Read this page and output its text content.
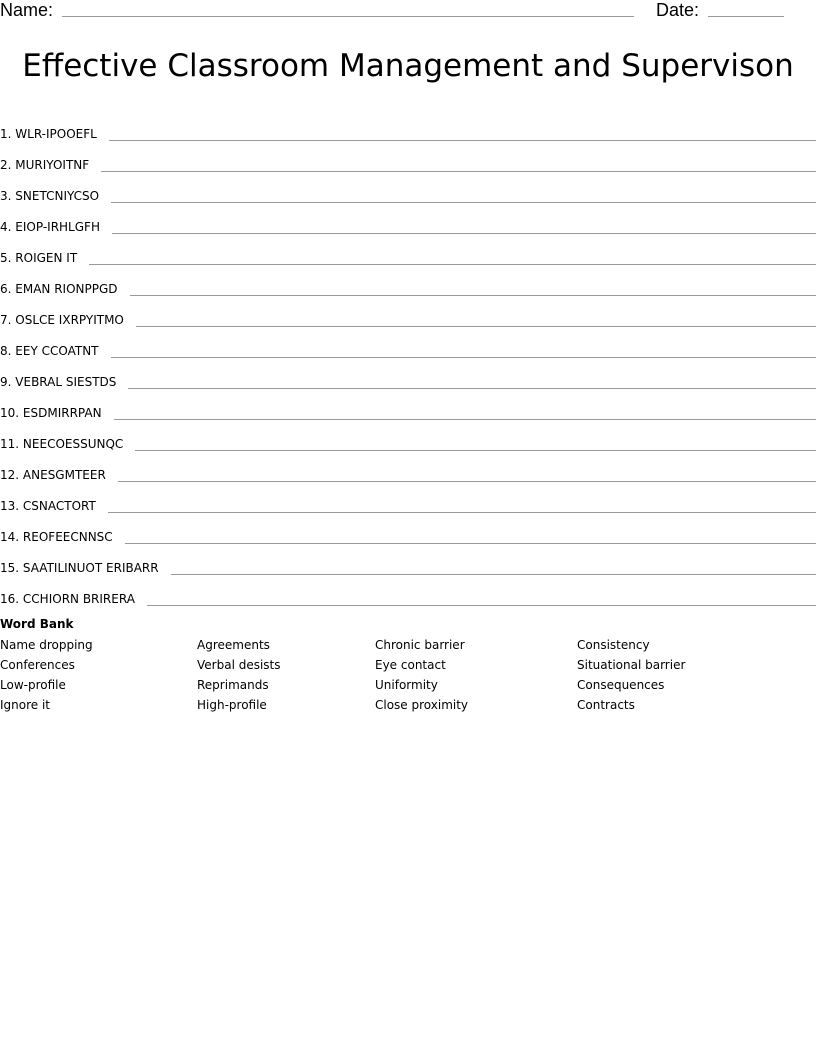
Name:	Date:
Effective Classroom Management and Supervison
1. WLR-IPOOEFL
2. MURIYOITNF
3. SNETCNIYCSO
4. EIOP-IRHLGFH
5. ROIGEN IT
6. EMAN RIONPPGD
7. OSLCE IXRPYITMO
8. EEY CCOATNT
9. VEBRAL SIESTDS
10. ESDMIRRPAN
11. NEECOESSUNQC
12. ANESGMTEER
13. CSNACTORT
14. REOFEECNNSC
15. SAATILINUOT ERIBARR
16. CCHIORN BRIRERA
Word Bank
Name dropping
Conferences
Low-profile
Ignore it
Agreements
Verbal desists
Reprimands
High-profile
Chronic barrier
Eye contact
Uniformity
Close proximity
Consistency
Situational barrier
Consequences
Contracts
